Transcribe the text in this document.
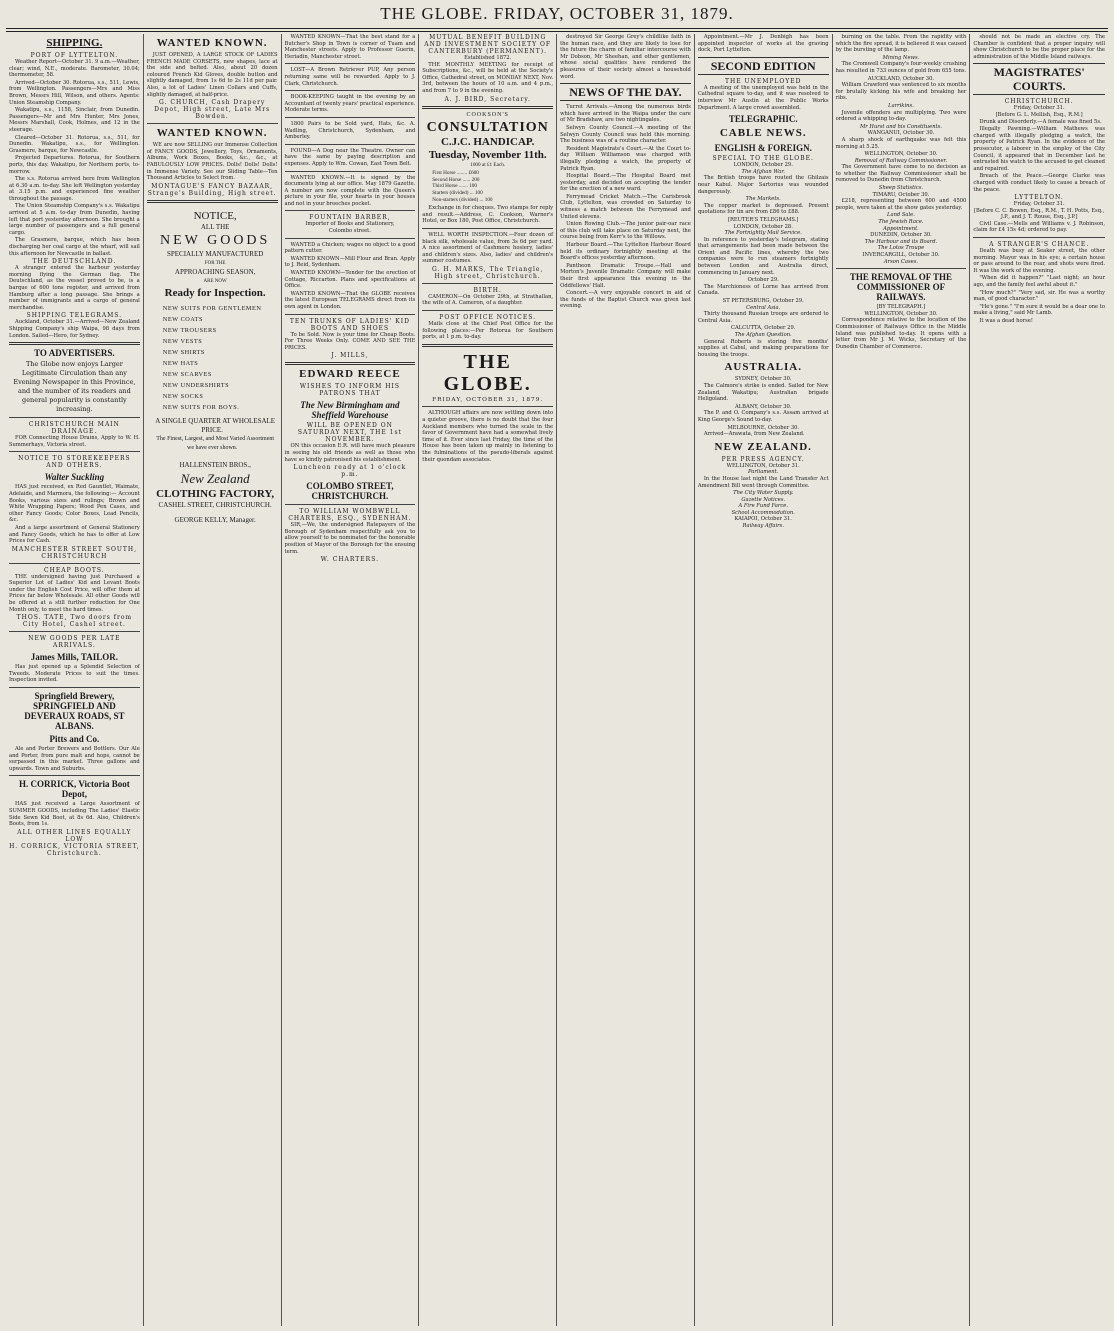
THE GLOBE. FRIDAY, OCTOBER 31, 1879.
SHIPPING.
PORT OF LYTTELTON.

Weather Report—October 31. 9 a.m.—Weather, clear; wind, N.E., moderate. Barometer, 30.04; thermometer, 58.

Arrived—October 30. Rotorua, s.s., 511, Lewis, from Wellington. Passengers—Mrs and Miss Brown, Messrs Hill, Wilson, and others. Agents: Union Steamship Company.

Wakatipu, s.s., 1158, Sinclair, from Dunedin. Passengers—Mr and Mrs Hunter, Mrs Jones, Messrs Marshall, Cook, Holmes, and 12 in the steerage.

Cleared—October 31. Rotorua, s.s., 511, for Dunedin. Wakatipu, s.s., for Wellington. Grasmere, barque, for Newcastle.

Projected Departures. Rotorua, for Southern ports, this day. Wakatipu, for Northern ports, to-morrow.

The s.s. Rotorua arrived here from Wellington at 6.30 a.m. to-day. She left Wellington yesterday at 3.15 p.m. and experienced fine weather throughout the passage.

The Union Steamship Company's s.s. Wakatipu arrived at 5 a.m. to-day from Dunedin, having left that port yesterday afternoon. She brought a large number of passengers and a full general cargo.

The Grasmere, barque, which has been discharging her coal cargo at the wharf, will sail this afternoon for Newcastle in ballast.

THE DEUTSCHLAND.

A stranger entered the harbour yesterday morning flying the German flag. The Deutschland, as the vessel proved to be, is a barque of 600 tons register, and arrived from Hamburg after a long passage. She brings a number of immigrants and a cargo of general merchandise.

SHIPPING TELEGRAMS.

Auckland, October 31.—Arrived—New Zealand Shipping Company's ship Waipa, 98 days from London. Sailed—Hero, for Sydney.

TO ADVERTISERS.

The Globe now enjoys Larger Legitimate Circulation than any Evening Newspaper in this Province, and the number of its readers and general popularity is constantly increasing.

CHRISTCHURCH MAIN DRAINAGE.

FOR Connecting House Drains, Apply to W. H. Summerhays, Victoria street.

NOTICE TO STOREKEEPERS AND OTHERS.
Walter Suckling

HAS just received, ex Red Gauntlet, Waimate, Adelaide, and Marmora, the following:— Account Books, various sizes and rulings; Brown and White Wrapping Papers; Wood Pen Cases, and other Fancy Goods; Color Boxes, Lead Pencils, &c.

And a large assortment of General Stationery and Fancy Goods, which he has to offer at Low Prices for Cash.

MANCHESTER STREET SOUTH, CHRISTCHURCH
CHEAP BOOTS.

THE undersigned having just Purchased a Superior Lot of Ladies' Kid and Levant Boots under the English Cost Price, will offer them at Prices far below Wholesale. All other Goods will be offered at a still further reduction for One Month only, to meet the hard times.

THOS. TATE, Two doors from City Hotel, Cashel street.
NEW GOODS PER LATE ARRIVALS.
James Mills, TAILOR.

Has just opened up a Splendid Selection of Tweeds. Moderate Prices to suit the times. Inspection invited.

Springfield Brewery, SPRINGFIELD AND DEVERAUX ROADS, ST ALBANS.
Pitts and Co.

Ale and Porter Brewers and Bottlers. Our Ale and Porter, from pure malt and hops, cannot be surpassed in this market. Three gallons and upwards. Town and Suburbs.

H. CORRICK, Victoria Boot Depot,

HAS just received a Large Assortment of SUMMER GOODS, including The Ladies' Elastic Side Sewn Kid Boot, at 8s 6d. Also, Children's Boots, from 1s.

ALL OTHER LINES EQUALLY LOW
H. CORRICK, VICTORIA STREET, Christchurch.
WANTED KNOWN.

JUST OPENED, A LARGE STOCK OF LADIES FRENCH MADE CORSETS, new shapes, lace at the side and belted. Also, about 20 dozen coloured French Kid Gloves, double button and slightly damaged, from 1s 6d to 2s 11d per pair. Also, a lot of Ladies' Linen Collars and Cuffs, slightly damaged, at half-price.

G. CHURCH, Cash Drapery Depot, High street, Late Mrs Bowden.
WANTED KNOWN.

WE are now SELLING our Immense Collection of FANCY GOODS, Jewellery, Toys, Ornaments, Albums, Work Boxes, Books, &c., &c., at FABULOUSLY LOW PRICES. Dolls! Dolls! Dolls! in Immense Variety. See our Sliding Table—Ten Thousand Articles to Select from.

MONTAGUE'S FANCY BAZAAR, Strange's Building, High street.

NOTICE,

ALL THE

NEW GOODS

SPECIALLY MANUFACTURED

FOR THE

APPROACHING SEASON,

ARE NOW

Ready for Inspection.

NEW SUITS FOR GENTLEMEN

NEW COATS

NEW TROUSERS

NEW VESTS

NEW SHIRTS

NEW HATS

NEW SCARVES

NEW UNDERSHIRTS

NEW SOCKS

NEW SUITS FOR BOYS.

A SINGLE QUARTER AT WHOLESALE PRICE.

The Finest, Largest, and Most Varied Assortment we have ever shown.

HALLENSTEIN BROS.,

New Zealand

CLOTHING FACTORY,

CASHEL STREET, CHRISTCHURCH.

GEORGE KELLY, Manager.

WANTED KNOWN—That the best stand for a Butcher's Shop in Town is corner of Tuam and Manchester streets. Apply to Professor Guerin, Heriadin, Manchester street.

LOST—A Brown Retriever PUP, Any person returning same will be rewarded. Apply to J. Clark, Christchurch.

BOOK-KEEPING taught in the evening by an Accountant of twenty years' practical experience. Moderate terms.

1800 Pairs to be Sold yard, Hats, &c. A. Wadling, Christchurch, Sydenham, and Amberley.

FOUND—A Dog near the Theatre. Owner can have the same by paying description and expenses. Apply to Wm. Cowan, East Town Belt.

WANTED KNOWN.—It is signed by the documents lying at our office. May 1879 Gazette. A number are now complete with the Queen's picture in your file, your hearts in your houses and not in your breeches pocket.

FOUNTAIN BARBER,
Importer of Books and Stationery,
Colombo street.

WANTED a Chicken; wages no object to a good pattern cutter.

WANTED KNOWN—Mill Flour and Bran. Apply to J. Reid, Sydenham.

WANTED KNOWN—Tender for the erection of Cottage, Riccarton. Plans and specifications at Office.

WANTED KNOWN—That the GLOBE receives the latest European TELEGRAMS direct from its own agent in London.

TEN TRUNKS OF LADIES' KID BOOTS AND SHOES

To be Sold. Now is your time for Cheap Boots. For Three Weeks Only. COME AND SEE THE PRICES.

J. MILLS,
EDWARD REECE
WISHES TO INFORM HIS PATRONS THAT
The New Birmingham and Sheffield Warehouse
WILL BE OPENED ON SATURDAY NEXT, THE 1st NOVEMBER.

ON this occasion E.R. will have much pleasure in seeing his old friends as well as those who have so kindly patronised his establishment.

Luncheon ready at 1 o'clock p.m.
COLOMBO STREET, CHRISTCHURCH.
TO WILLIAM WOMBWELL CHARTERS, ESQ., SYDENHAM.

SIR,—We, the undersigned Ratepayers of the Borough of Sydenham respectfully ask you to allow yourself to be nominated for the honorable position of Mayor of the Borough for the ensuing term.

W. CHARTERS.
MUTUAL BENEFIT BUILDING AND INVESTMENT SOCIETY OF CANTERBURY (PERMANENT).
Established 1872.

THE MONTHLY MEETING for receipt of Subscriptions, &c., will be held at the Society's Office, Cathedral street, on MONDAY NEXT, Nov. 3rd, between the hours of 10 a.m. and 4 p.m., and from 7 to 9 in the evening.

A. J. BIRD, Secretary.
COOKSON'S
CONSULTATION
C.J.C. HANDICAP.
Tuesday, November 11th.
1000 at £1 Each.
First Horse ........ £600
Second Horse ...... 200
Third Horse ....... 100
Starters (divided) ... 100
Non-starters (divided) ... 100

Exchange in for cheques. Two stamps for reply and result.—Address, C. Cookson, Warner's Hotel, or Box 180, Post Office, Christchurch.

WELL WORTH INSPECTION.—Four dozen of black silk, wholesale value, from 3s 6d per yard. A nice assortment of Cashmere hosiery, ladies' and children's sizes. Also, ladies' and children's summer costumes.

G. H. MARKS, The Triangle, High street, Christchurch.
BIRTH.

CAMERON—On October 29th, at Strathallan, the wife of A. Cameron, of a daughter.

POST OFFICE NOTICES.

Mails close at the Chief Post Office for the following places:—Per Rotorua for Southern ports, at 1 p.m. to-day.

THE GLOBE.
FRIDAY, OCTOBER 31, 1879.

ALTHOUGH affairs are now settling down into a quieter groove, there is no doubt that the four Auckland members who turned the scale in the favor of Government have had a somewhat lively time of it. Ever since last Friday, the time of the House has been taken up mainly in listening to the fulminations of the pseudo-liberals against their quondam associates.

destroyed Sir George Grey's childlike faith in the human race, and they are likely to lose for the future the charm of familiar intercourse with Mr Dobson, Mr Sheehan, and other gentlemen, whose social qualities have rendered the pleasures of their society almost a household word.

NEWS OF THE DAY.

Turret Arrivals.—Among the numerous birds which have arrived in the Waipa under the care of Mr Bradshaw, are two nightingales.

Selwyn County Council.—A meeting of the Selwyn County Council was held this morning. The business was of a routine character.

Resident Magistrate's Court.—At the Court to-day William Williamson was charged with illegally pledging a watch, the property of Patrick Ryan.

Hospital Board.—The Hospital Board met yesterday, and decided on accepting the tender for the erection of a new ward.

Ferrymead Cricket Match.—The Carisbrook Club, Lyttelton, was crowded on Saturday to witness a match between the Ferrymead and United elevens.

Union Rowing Club.—The junior pair-oar race of this club will take place on Saturday next, the course being from Kerr's to the Willows.

Harbour Board.—The Lyttelton Harbour Board held its ordinary fortnightly meeting at the Board's offices yesterday afternoon.

Pantheon Dramatic Troupe.—Hall and Morton's Juvenile Dramatic Company will make their first appearance this evening in the Oddfellows' Hall.

Concert.—A very enjoyable concert in aid of the funds of the Baptist Church was given last evening.

Appointment.—Mr J. Denbigh has been appointed inspector of works at the graving dock, Port Lyttelton.

SECOND EDITION
THE UNEMPLOYED

A meeting of the unemployed was held in the Cathedral square to-day, and it was resolved to interview Mr Austin at the Public Works Department. A large crowd assembled.

TELEGRAPHIC.
CABLE NEWS.
ENGLISH & FOREIGN.
SPECIAL TO THE GLOBE.
LONDON, October 29.
The Afghan War.

The British troops have routed the Ghilzais near Kabul. Major Sartorius was wounded dangerously.

The Markets.

The copper market is depressed. Present quotations for tin are from £86 to £88.

[REUTER'S TELEGRAMS.]
LONDON, October 28.
The Fortnightly Mail Service.

In reference to yesterday's telegram, stating that arrangements had been made between the Orient and Pacific lines, whereby the two companies were to run steamers fortnightly between London and Australia direct, commencing in January next.

October 29.

The Marchioness of Lorne has arrived from Canada.

ST PETERSBURG, October 29.
Central Asia.

Thirty thousand Russian troops are ordered to Central Asia.

CALCUTTA, October 29.
The Afghan Question.

General Roberts is storing five months' supplies at Cabul, and making preparations for housing the troops.

AUSTRALIA.
SYDNEY, October 30.

The Calmore's strike is ended. Sailed for New Zealand, Wakatipu; Australian brigade Heligoland.

ALBANY, October 30.

The P. and O. Company's s.s. Assam arrived at King George's Sound to-day.

MELBOURNE, October 30.

Arrived—Arawata, from New Zealand.

NEW ZEALAND.
PER PRESS AGENCY.
WELLINGTON, October 31.
Parliament.

In the House last night the Land Transfer Act Amendment Bill went through Committee.

The City Water Supply.
Gazette Notices.
A Fire Fund Farce.
School Accommodation.
KAIAPOI, October 31.
Railway Affairs.

burning on the table. From the rapidity with which the fire spread, it is believed it was caused by the bursting of the lamp.

Mining News.

The Cromwell Company's four-weekly crushing has resulted in 733 ounces of gold from 655 tons.

AUCKLAND, October 30.

William Crawford was sentenced to six months for brutally kicking his wife and breaking her ribs.

Larrikins.

Juvenile offenders are multiplying. Two were ordered a whipping to-day.

Mr Hurst and his Constituents.
WANGANUI, October 30.

A sharp shock of earthquake was felt this morning at 5.25.

WELLINGTON, October 30.
Removal of Railway Commissioner.

The Government have come to no decision as to whether the Railway Commissioner shall be removed to Dunedin from Christchurch.

Sheep Statistics.
TIMARU, October 30.

£218, representing between 600 and 4500 people, were taken at the show gates yesterday.

Land Sale.
The Jewish Race.
Appointment.
DUNEDIN, October 30.
The Harbour and its Board.
The Lotos Troupe
INVERCARGILL, October 30.
Arson Cases.
THE REMOVAL OF THE COMMISSIONER OF RAILWAYS.
[BY TELEGRAPH.]
WELLINGTON, October 30.

Correspondence relative to the location of the Commissioner of Railways Office in the Middle Island was published to-day. It opens with a letter from Mr J. M. Wicks, Secretary of the Dunedin Chamber of Commerce.

should not be made an elective cry. The Chamber is confident that a proper inquiry will show Christchurch to be the proper place for the administration of the Middle Island railways.

MAGISTRATES' COURTS.
CHRISTCHURCH.
Friday, October 31.
[Before G. L. Mellish, Esq., R.M.]

Drunk and Disorderly.—A female was fined 5s.

Illegally Pawning.—William Mathews was charged with illegally pledging a watch, the property of Patrick Ryan. In the evidence of the prosecutor, a laborer in the employ of the City Council, it appeared that in December last he entrusted his watch to the accused to get cleaned and repaired.

Breach of the Peace.—George Clarke was charged with conduct likely to cause a breach of the peace.

LYTTELTON.
Friday, October 31.
[Before C. C. Bowen, Esq., R.M., T. H. Potts, Esq., J.P., and J. T. Rouse, Esq., J.P.]

Civil Case.—Mells and Williams v. J. Robinson, claim for £4 15s 4d; ordered to pay.

A STRANGER'S CHANCE.

Death was busy at Seaker street, the other morning. Mayor was in his eye; a certain house or pass around to the rear, and shots were fired. It was the work of the evening.

"When did it happen?" "Last night; an hour ago, and the family feel awful about it."

"How much?" "Very sad, sir. He was a worthy man, of good character."

"He's gone." "I'm sure it would be a dear one to make a living," said Mr Lamb.

It was a dead horse!
